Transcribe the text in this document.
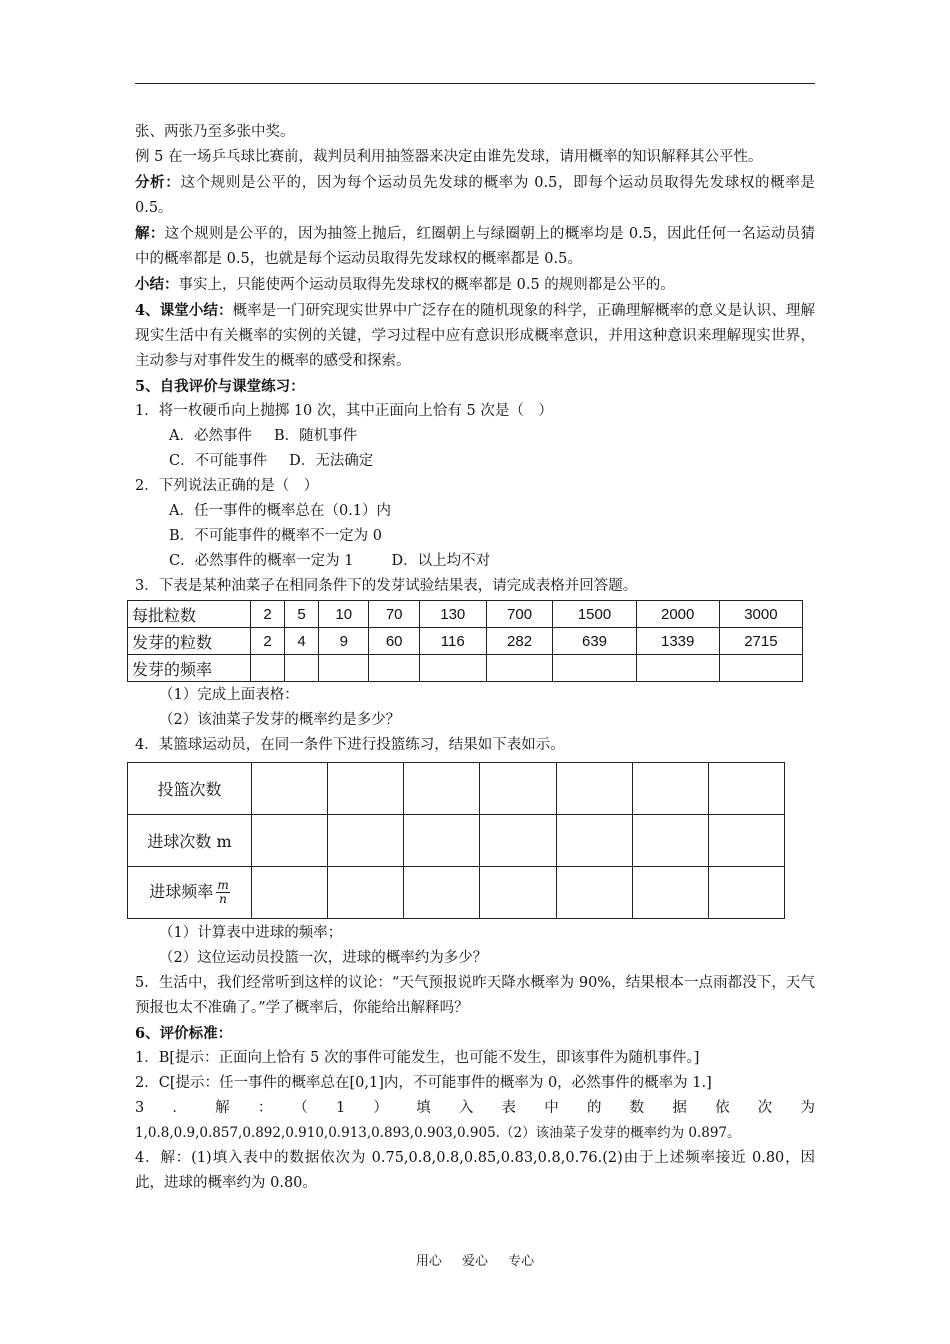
张、两张乃至多张中奖。

例 5 在一场乒乓球比赛前，裁判员利用抽签器来决定由谁先发球，请用概率的知识解释其公平性。

分析：这个规则是公平的，因为每个运动员先发球的概率为 0.5，即每个运动员取得先发球权的概率是 0.5。

解：这个规则是公平的，因为抽签上抛后，红圈朝上与绿圈朝上的概率均是 0.5，因此任何一名运动员猜中的概率都是 0.5，也就是每个运动员取得先发球权的概率都是 0.5。

小结：事实上，只能使两个运动员取得先发球权的概率都是 0.5 的规则都是公平的。

4、课堂小结：概率是一门研究现实世界中广泛存在的随机现象的科学，正确理解概率的意义是认识、理解现实生活中有关概率的实例的关键，学习过程中应有意识形成概率意识，并用这种意识来理解现实世界，主动参与对事件发生的概率的感受和探索。

5、自我评价与课堂练习：

1．将一枚硬币向上抛掷 10 次，其中正面向上恰有 5 次是（　）

A．必然事件 B．随机事件

C．不可能事件 D．无法确定

2．下列说法正确的是（　）

A．任一事件的概率总在（0.1）内

B．不可能事件的概率不一定为 0

C．必然事件的概率一定为 1	D．以上均不对

3．下表是某种油菜子在相同条件下的发芽试验结果表，请完成表格并回答题。

每批粒数	2	5	10	70	130	700	1500	2000	3000
发芽的粒数	2	4	9	60	116	282	639	1339	2715
发芽的频率									

（1）完成上面表格：

（2）该油菜子发芽的概率约是多少？

4．某篮球运动员，在同一条件下进行投篮练习，结果如下表如示。

投篮次数							
进球次数 m							
进球频率 $\frac{m}{n}$

（1）计算表中进球的频率；

（2）这位运动员投篮一次，进球的概率约为多少？

5．生活中，我们经常听到这样的议论：“天气预报说昨天降水概率为 90%，结果根本一点雨都没下，天气预报也太不准确了。”学了概率后，你能给出解释吗？

6、评价标准：

1．B[提示：正面向上恰有 5 次的事件可能发生，也可能不发生，即该事件为随机事件。]

2．C[提示：任一事件的概率总在[0,1]内，不可能事件的概率为 0，必然事件的概率为 1.]

3．解：（1）填入表中的数据依次为

1,0.8,0.9,0.857,0.892,0.910,0.913,0.893,0.903,0.905.（2）该油菜子发芽的概率约为 0.897。

4．解：(1)填入表中的数据依次为 0.75,0.8,0.8,0.85,0.83,0.8,0.76.(2)由于上述频率接近 0.80，因此，进球的概率约为 0.80。

用心 爱心 专心
